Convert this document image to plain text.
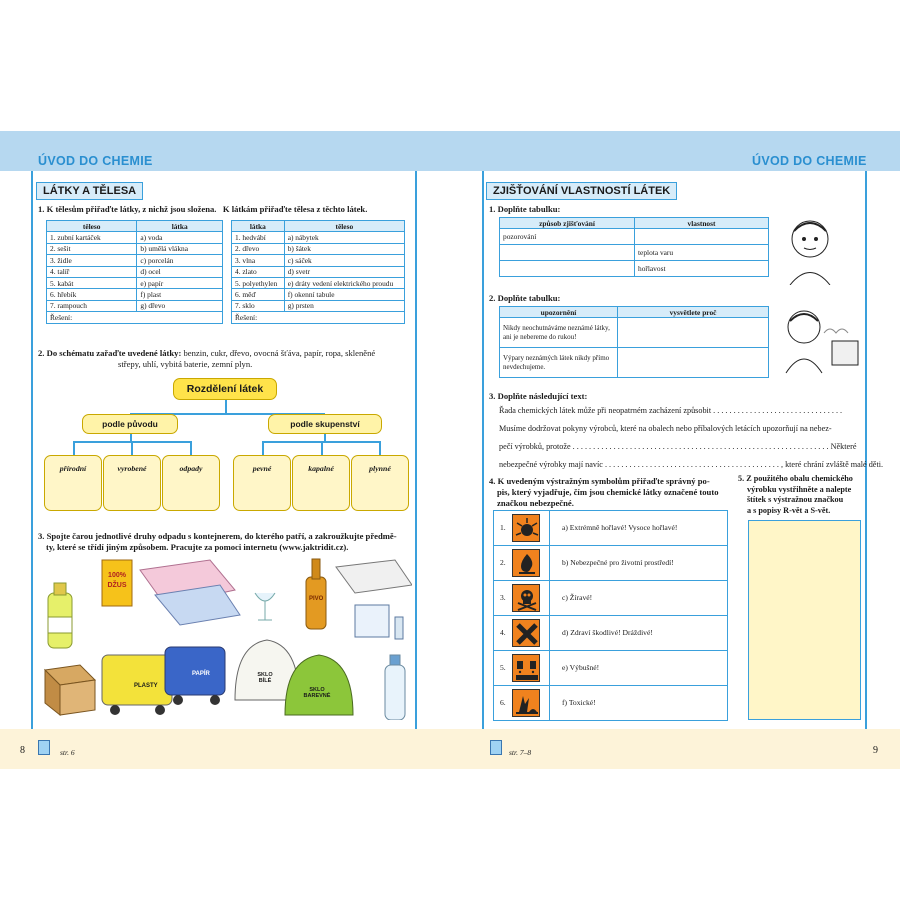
ÚVOD DO CHEMIE	ÚVOD DO CHEMIE
LÁTKY A TĚLESA
1. K tělesům přiřaďte látky, z nichž jsou složena. K látkám přiřaďte tělesa z těchto látek.
těleso	látka
1. zubní kartáček	a) voda
2. sešit	b) umělá vlákna
3. židle	c) porcelán
4. talíř	d) ocel
5. kabát	e) papír
6. hřebík	f) plast
7. rampouch	g) dřevo
Řešení:	
látka	těleso
1. hedvábí	a) nábytek
2. dřevo	b) šátek
3. vlna	c) sáček
4. zlato	d) svetr
5. polyethylen	e) dráty vedení elektrického proudu
6. měď	f) okenní tabule
7. sklo	g) prsten
Řešení:	
2. Do schématu zařaďte uvedené látky: benzin, cukr, dřevo, ovocná šťáva, papír, ropa, skleněné
střepy, uhlí, vybitá baterie, zemní plyn.
Rozdělení látek
podle původu	podle skupenství
přírodní	vyrobené	odpady	pevné	kapalné	plynné
3. Spojte čarou jednotlivé druhy odpadu s kontejnerem, do kterého patří, a zakroužkujte předmě-
ty, které se třídí jiným způsobem. Pracujte za pomoci internetu (www.jaktridit.cz).
100%
DŽUS
PLASTY
PAPÍR	SKLO BÍLÉ
SKLO BAREVNÉ
PIVO
8	str. 6
ZJIŠŤOVÁNÍ VLASTNOSTÍ LÁTEK
1. Doplňte tabulku:
způsob zjišťování	vlastnost
pozorování	
	teplota varu
	hořlavost
2. Doplňte tabulku:
upozornění	vysvětlete proč
Nikdy neochutnáváme neznámé látky, ani je nebereme do rukou!	
Výpary neznámých látek nikdy přímo nevdechujeme.	
3. Doplňte následující text:
Řada chemických látek může při neopatrném zacházení způsobit . . . . . . . . . . . . . . . . . . . . . . . . . . . . . . . .
Musíme dodržovat pokyny výrobců, které na obalech nebo příbalových letácích upozorňují na nebez-
pečí výrobků, protože . . . . . . . . . . . . . . . . . . . . . . . . . . . . . . . . . . . . . . . . . . . . . . . . . . . . . . . . . . . . . . . Některé
nebezpečné výrobky mají navíc . . . . . . . . . . . . . . . . . . . . . . . . . . . . . . . . . . . . . . . . . . . , které chrání zvláště malé děti.
4. K uvedeným výstražným symbolům přiřaďte správný po-
pis, který vyjadřuje, čím jsou chemické látky označené touto
značkou nebezpečné.
1.	a) Extrémně hořlavé! Vysoce hořlavé!
2.	b) Nebezpečné pro životní prostředí!
3.	c) Žíravé!
4.	d) Zdraví škodlivé! Dráždivé!
5.	e) Výbušné!
6.	f) Toxické!
5. Z použitého obalu chemického
výrobku vystřihněte a nalepte
štítek s výstražnou značkou
a s popisy R-vět a S-vět.
str. 7–8	9
